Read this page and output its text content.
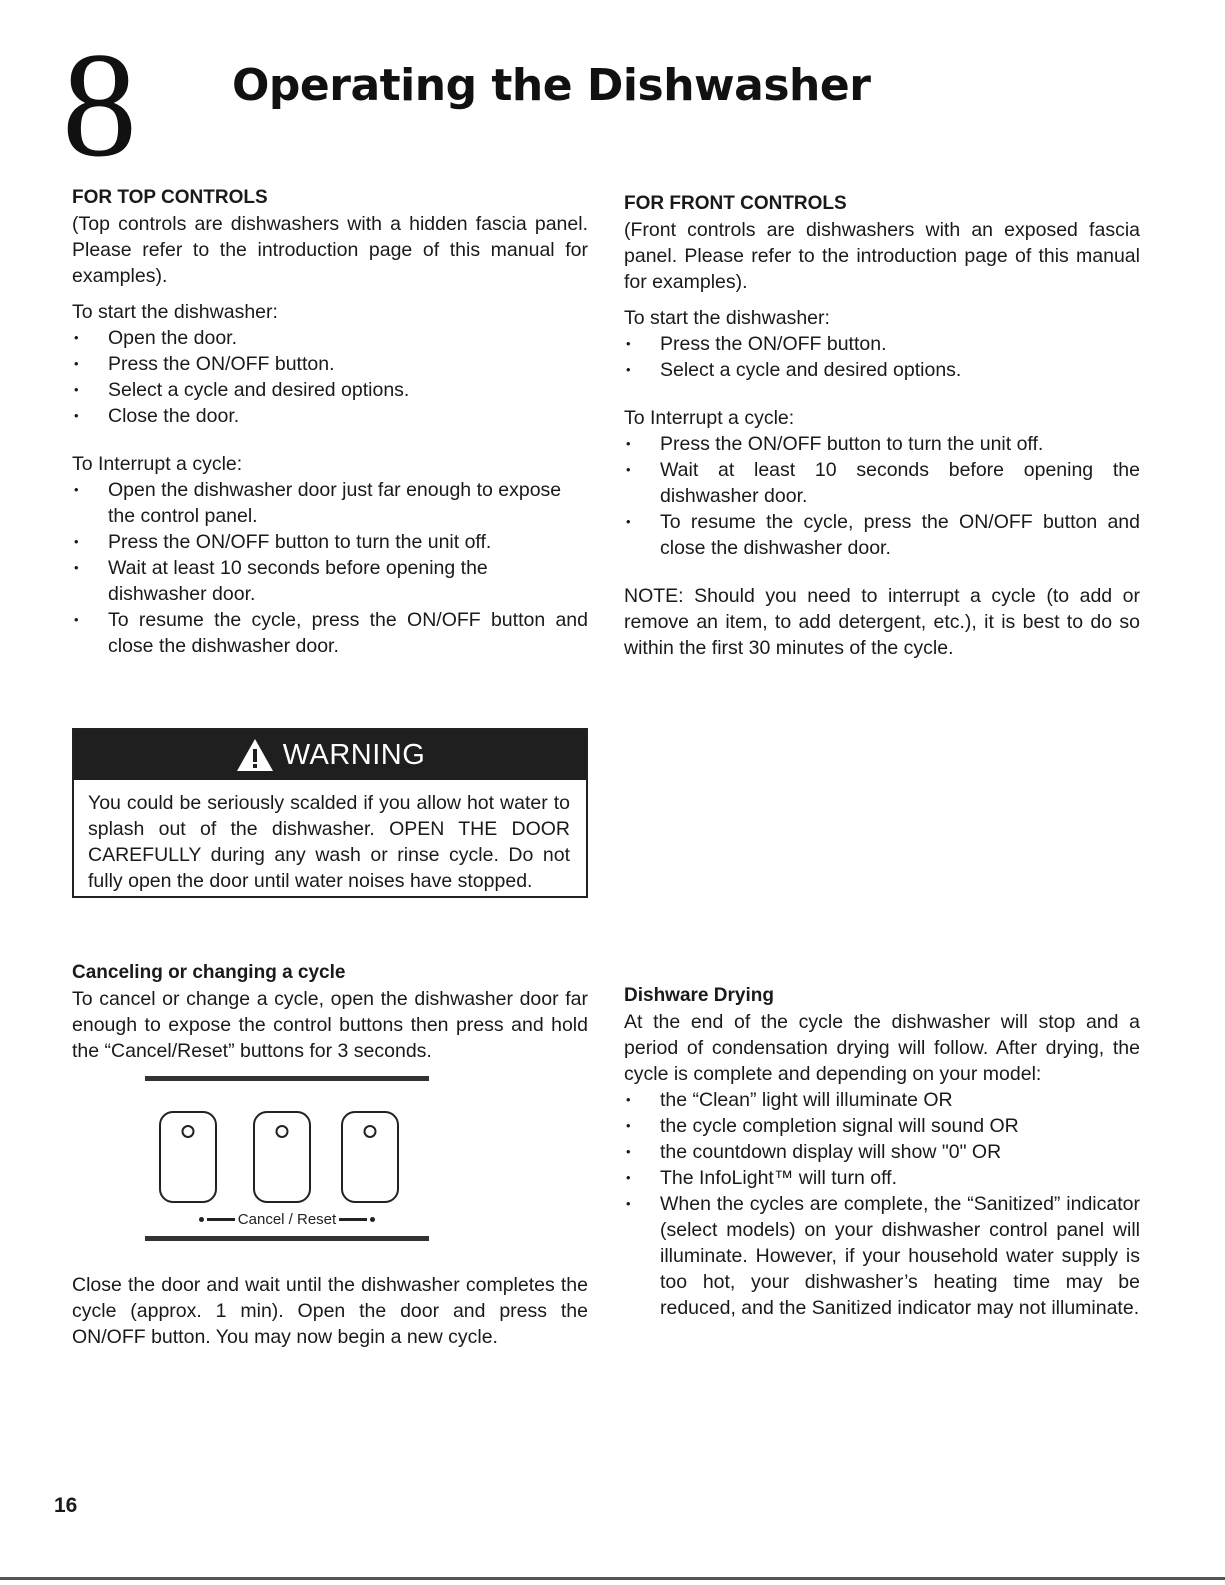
8 Operating the Dishwasher

FOR TOP CONTROLS

(Top controls are dishwashers with a hidden fascia panel. Please refer to the introduction page of this manual for examples).

To start the dishwasher:

• Open the door.
• Press the ON/OFF button.
• Select a cycle and desired options.
• Close the door.

To Interrupt a cycle:

• Open the dishwasher door just far enough to expose the control panel.
• Press the ON/OFF button to turn the unit off.
• Wait at least 10 seconds before opening the dishwasher door.
• To resume the cycle, press the ON/OFF button and close the dishwasher door.

FOR FRONT CONTROLS

(Front controls are dishwashers with an exposed fascia panel. Please refer to the introduction page of this manual for examples).

To start the dishwasher:

• Press the ON/OFF button.
• Select a cycle and desired options.

To Interrupt a cycle:

• Press the ON/OFF button to turn the unit off.
• Wait at least 10 seconds before opening the dishwasher door.
• To resume the cycle, press the ON/OFF button and close the dishwasher door.

NOTE: Should you need to interrupt a cycle (to add or remove an item, to add detergent, etc.), it is best to do so within the first 30 minutes of the cycle.

WARNING

You could be seriously scalded if you allow hot water to splash out of the dishwasher. OPEN THE DOOR CAREFULLY during any wash or rinse cycle. Do not fully open the door until water noises have stopped.

Canceling or changing a cycle

To cancel or change a cycle, open the dishwasher door far enough to expose the control buttons then press and hold the “Cancel/Reset” buttons for 3 seconds.

Cancel / Reset

Close the door and wait until the dishwasher completes the cycle (approx. 1 min). Open the door and press the ON/OFF button. You may now begin a new cycle.

Dishware Drying

At the end of the cycle the dishwasher will stop and a period of condensation drying will follow. After drying, the cycle is complete and depending on your model:

• the “Clean” light will illuminate OR
• the cycle completion signal will sound OR
• the countdown display will show "0" OR
• The InfoLight™ will turn off.
• When the cycles are complete, the “Sanitized” indicator (select models) on your dishwasher control panel will illuminate. However, if your household water supply is too hot, your dishwasher’s heating time may be reduced, and the Sanitized indicator may not illuminate.
16
